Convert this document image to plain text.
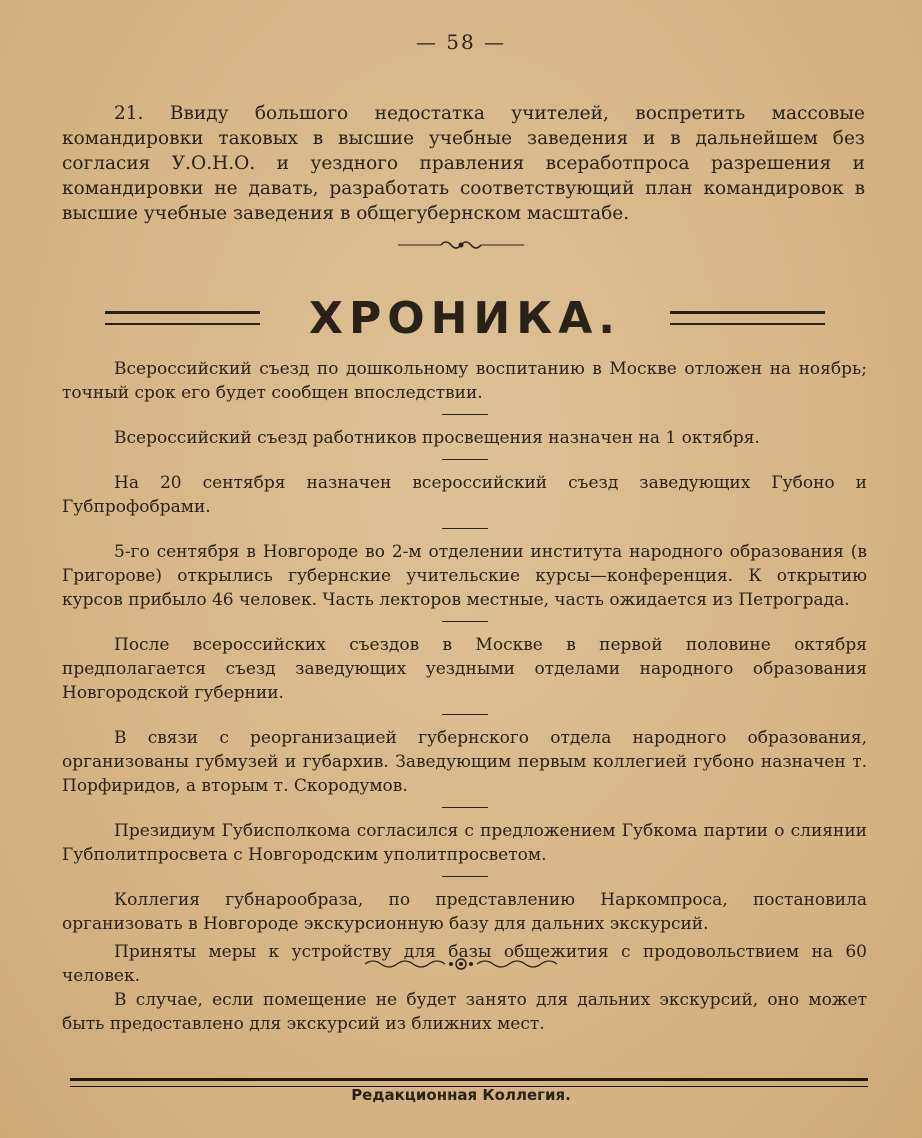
— 58 —

21. Ввиду большого недостатка учителей, воспретить массовые командировки таковых в высшие учебные заведения и в дальнейшем без согласия У.О.Н.О. и уездного правления всеработпроса разрешения и командировки не давать, разработать соответствующий план командировок в высшие учебные заведения в общегубернском масштабе.

ХРОНИКА.

Всероссийский съезд по дошкольному воспитанию в Москве отложен на ноябрь; точный срок его будет сообщен впоследствии.

Всероссийский съезд работников просвещения назначен на 1 октября.

На 20 сентября назначен всероссийский съезд заведующих Губоно и Губпрофобрами.

5-го сентября в Новгороде во 2-м отделении института народного образования (в Григорове) открылись губернские учительские курсы—конференция. К открытию курсов прибыло 46 человек. Часть лекторов местные, часть ожидается из Петрограда.

После всероссийских съездов в Москве в первой половине октября предполагается съезд заведующих уездными отделами народного образования Новгородской губернии.

В связи с реорганизацией губернского отдела народного образования, организованы губмузей и губархив. Заведующим первым коллегией губоно назначен т. Порфиридов, а вторым т. Скородумов.

Президиум Губисполкома согласился с предложением Губкома партии о слиянии Губполитпросвета с Новгородским уполитпросветом.

Коллегия губнарообраза, по представлению Наркомпроса, постановила организовать в Новгороде экскурсионную базу для дальних экскурсий.

Приняты меры к устройству для базы общежития с продовольствием на 60 человек.

В случае, если помещение не будет занято для дальних экскурсий, оно может быть предоставлено для экскурсий из ближних мест.

Редакционная Коллегия.
